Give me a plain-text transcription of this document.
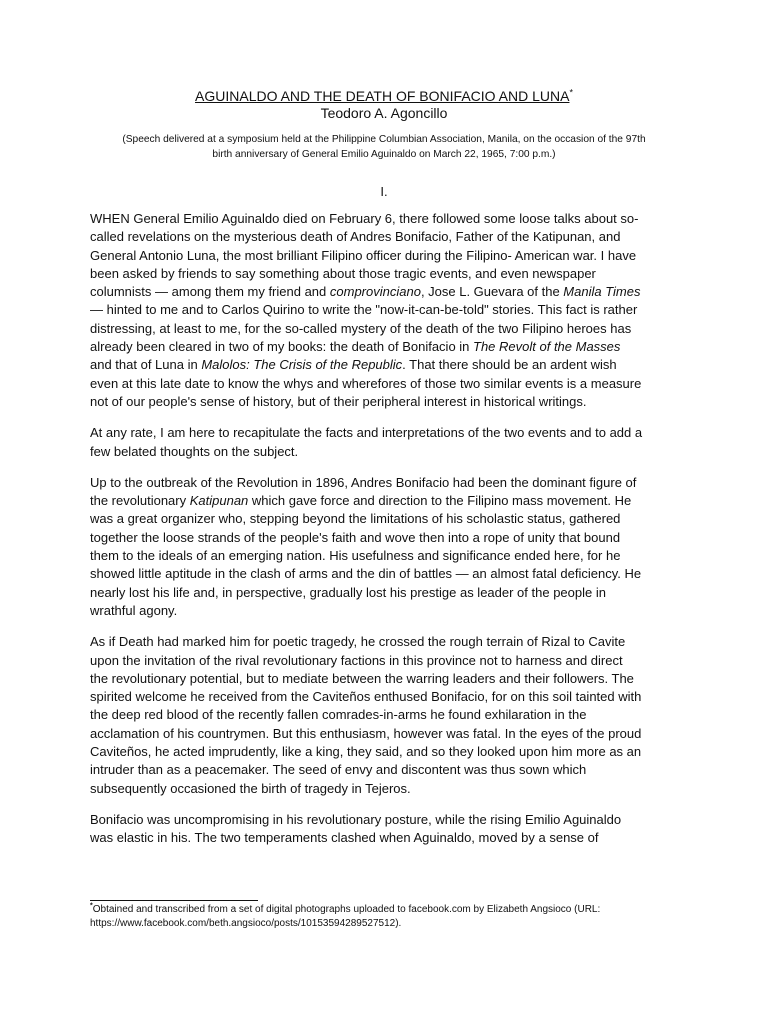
AGUINALDO AND THE DEATH OF BONIFACIO AND LUNA*

Teodoro A. Agoncillo

(Speech delivered at a symposium held at the Philippine Columbian Association, Manila, on the occasion of the 97th
birth anniversary of General Emilio Aguinaldo on March 22, 1965, 7:00 p.m.)

I.

WHEN General Emilio Aguinaldo died on February 6, there followed some loose talks about so-
called revelations on the mysterious death of Andres Bonifacio, Father of the Katipunan, and
General Antonio Luna, the most brilliant Filipino officer during the Filipino- American war. I have
been asked by friends to say something about those tragic events, and even newspaper
columnists — among them my friend and comprovinciano, Jose L. Guevara of the Manila Times
— hinted to me and to Carlos Quirino to write the "now-it-can-be-told" stories. This fact is rather
distressing, at least to me, for the so-called mystery of the death of the two Filipino heroes has
already been cleared in two of my books: the death of Bonifacio in The Revolt of the Masses
and that of Luna in Malolos: The Crisis of the Republic. That there should be an ardent wish
even at this late date to know the whys and wherefores of those two similar events is a measure
not of our people's sense of history, but of their peripheral interest in historical writings.

At any rate, I am here to recapitulate the facts and interpretations of the two events and to add a
few belated thoughts on the subject.

Up to the outbreak of the Revolution in 1896, Andres Bonifacio had been the dominant figure of
the revolutionary Katipunan which gave force and direction to the Filipino mass movement. He
was a great organizer who, stepping beyond the limitations of his scholastic status, gathered
together the loose strands of the people's faith and wove then into a rope of unity that bound
them to the ideals of an emerging nation. His usefulness and significance ended here, for he
showed little aptitude in the clash of arms and the din of battles — an almost fatal deficiency. He
nearly lost his life and, in perspective, gradually lost his prestige as leader of the people in
wrathful agony.

As if Death had marked him for poetic tragedy, he crossed the rough terrain of Rizal to Cavite
upon the invitation of the rival revolutionary factions in this province not to harness and direct
the revolutionary potential, but to mediate between the warring leaders and their followers. The
spirited welcome he received from the Caviteños enthused Bonifacio, for on this soil tainted with
the deep red blood of the recently fallen comrades-in-arms he found exhilaration in the
acclamation of his countrymen. But this enthusiasm, however was fatal. In the eyes of the proud
Caviteños, he acted imprudently, like a king, they said, and so they looked upon him more as an
intruder than as a peacemaker. The seed of envy and discontent was thus sown which
subsequently occasioned the birth of tragedy in Tejeros.

Bonifacio was uncompromising in his revolutionary posture, while the rising Emilio Aguinaldo
was elastic in his. The two temperaments clashed when Aguinaldo, moved by a sense of

*Obtained and transcribed from a set of digital photographs uploaded to facebook.com by Elizabeth Angsioco (URL:
https://www.facebook.com/beth.angsioco/posts/10153594289527512).
